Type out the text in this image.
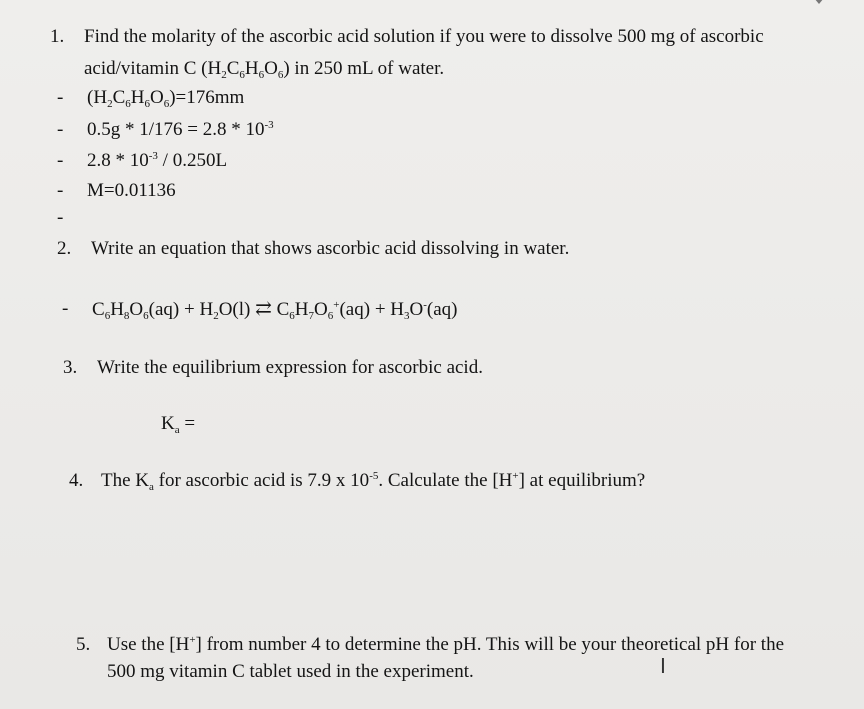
1. Find the molarity of the ascorbic acid solution if you were to dissolve 500 mg of ascorbic
acid/vitamin C $(H_2C_6H_6O_6)$ in 250 mL of water.
- $(H_2C_6H_6O_6)=176mm$
- $0.5g * 1/176 = 2.8 * 10^{-3}$
- $2.8 * 10^{-3} / 0.250L$
- M=0.01136
-
2. Write an equation that shows ascorbic acid dissolving in water.
- $C_6H_8O_6(aq) + H_2O(l)$ ⇄ $C_6H_7O_6^+(aq) + H_3O^-(aq)$
3. Write the equilibrium expression for ascorbic acid.
$K_a$ =
4. The $K_a$ for ascorbic acid is 7.9 x $10^{-5}$. Calculate the [H+] at equilibrium?
5. Use the [H+] from number 4 to determine the pH. This will be your theoretical pH for the
500 mg vitamin C tablet used in the experiment.	I
